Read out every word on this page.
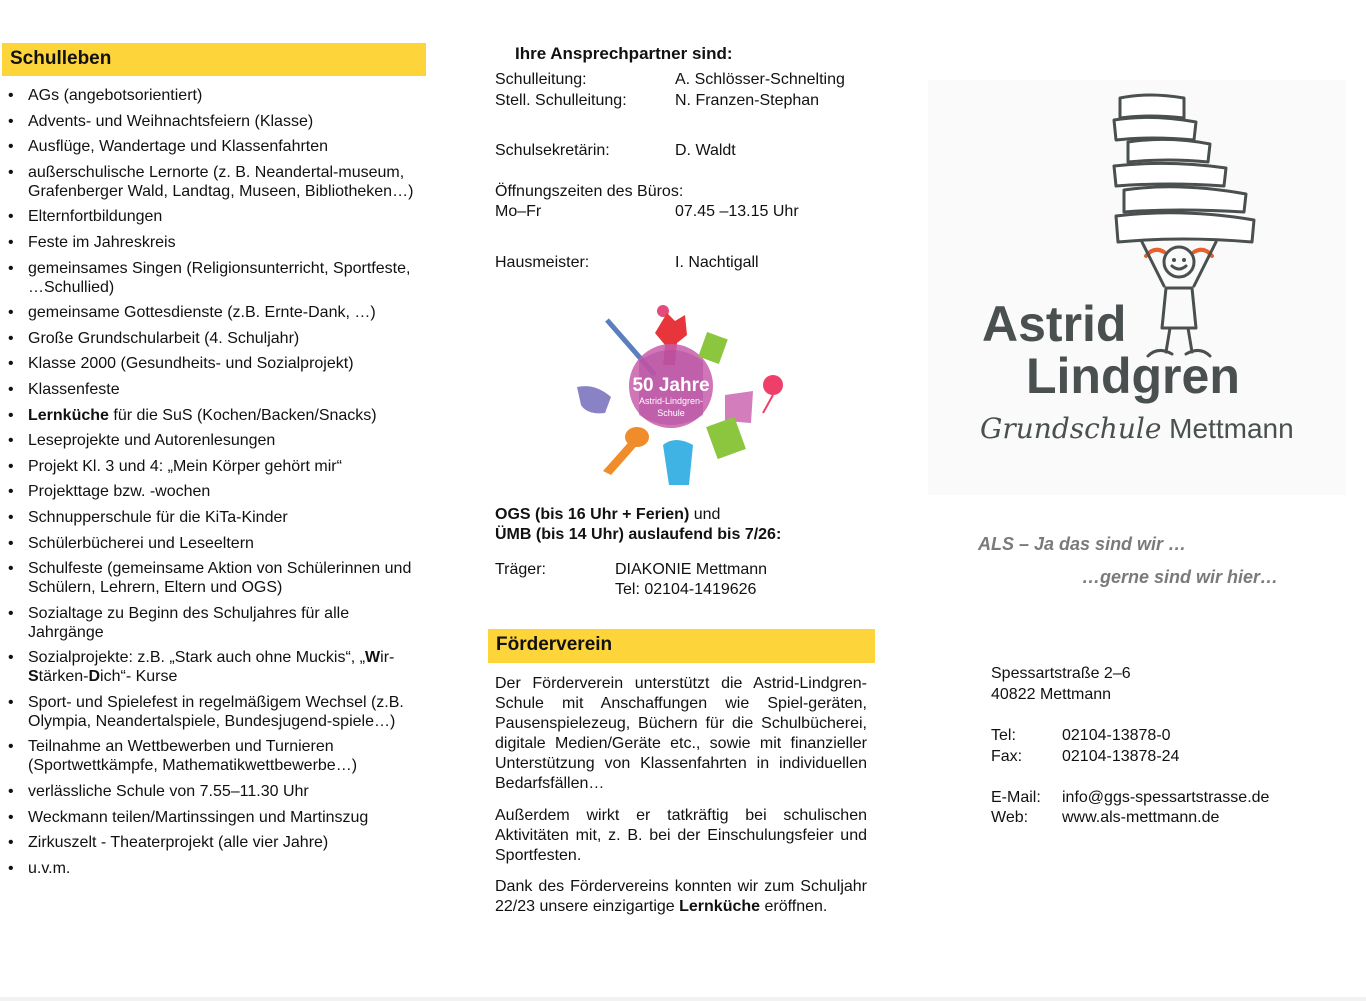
Schulleben
• AGs (angebotsorientiert)
• Advents- und Weihnachtsfeiern (Klasse)
• Ausflüge, Wandertage und Klassenfahrten
• außerschulische Lernorte (z. B. Neandertal-museum, Grafenberger Wald, Landtag, Museen, Bibliotheken…)
• Elternfortbildungen
• Feste im Jahreskreis
• gemeinsames Singen (Religionsunterricht, Sportfeste, …Schullied)
• gemeinsame Gottesdienste (z.B. Ernte-Dank, …)
• Große Grundschularbeit (4. Schuljahr)
• Klasse 2000 (Gesundheits- und Sozialprojekt)
• Klassenfeste
• Lernküche für die SuS (Kochen/Backen/Snacks)
• Leseprojekte und Autorenlesungen
• Projekt Kl. 3 und 4: „Mein Körper gehört mir“
• Projekttage bzw. -wochen
• Schnupperschule für die KiTa-Kinder
• Schülerbücherei und Leseeltern
• Schulfeste (gemeinsame Aktion von Schülerinnen und Schülern, Lehrern, Eltern und OGS)
• Sozialtage zu Beginn des Schuljahres für alle Jahrgänge
• Sozialprojekte: z.B. „Stark auch ohne Muckis“, „Wir-Stärken-Dich“- Kurse
• Sport- und Spielefest in regelmäßigem Wechsel (z.B. Olympia, Neandertalspiele, Bundesjugend-spiele…)
• Teilnahme an Wettbewerben und Turnieren (Sportwettkämpfe, Mathematikwettbewerbe…)
• verlässliche Schule von 7.55–11.30 Uhr
• Weckmann teilen/Martinssingen und Martinszug
• Zirkuszelt - Theaterprojekt (alle vier Jahre)
• u.v.m.
Ihre Ansprechpartner sind:
Schulleitung:	A. Schlösser-Schnelting
Stell. Schulleitung:	N. Franzen-Stephan
Schulsekretärin:	D. Waldt
Öffnungszeiten des Büros:
Mo–Fr	07.45 –13.15 Uhr
Hausmeister:	I. Nachtigall
50 Jahre
Astrid-Lindgren-
Schule
OGS (bis 16 Uhr + Ferien) und
ÜMB (bis 14 Uhr) auslaufend bis 7/26:
Träger:	DIAKONIE Mettmann
Tel: 02104-1419626
Förderverein

Der Förderverein unterstützt die Astrid-Lindgren-Schule mit Anschaffungen wie Spiel-geräten, Pausenspielezeug, Büchern für die Schulbücherei, digitale Medien/Geräte etc., sowie mit finanzieller Unterstützung von Klassenfahrten in individuellen Bedarfsfällen…

Außerdem wirkt er tatkräftig bei schulischen Aktivitäten mit, z. B. bei der Einschulungsfeier und Sportfesten.

Dank des Fördervereins konnten wir zum Schuljahr 22/23 unsere einzigartige Lernküche eröffnen.

Astrid
Lindgren
Grundschule Mettmann
ALS – Ja das sind wir …
…gerne sind wir hier…
Spessartstraße 2–6
40822 Mettmann
Tel:	02104-13878-0
Fax: 02104-13878-24
E-Mail: info@ggs-spessartstrasse.de
Web: www.als-mettmann.de
